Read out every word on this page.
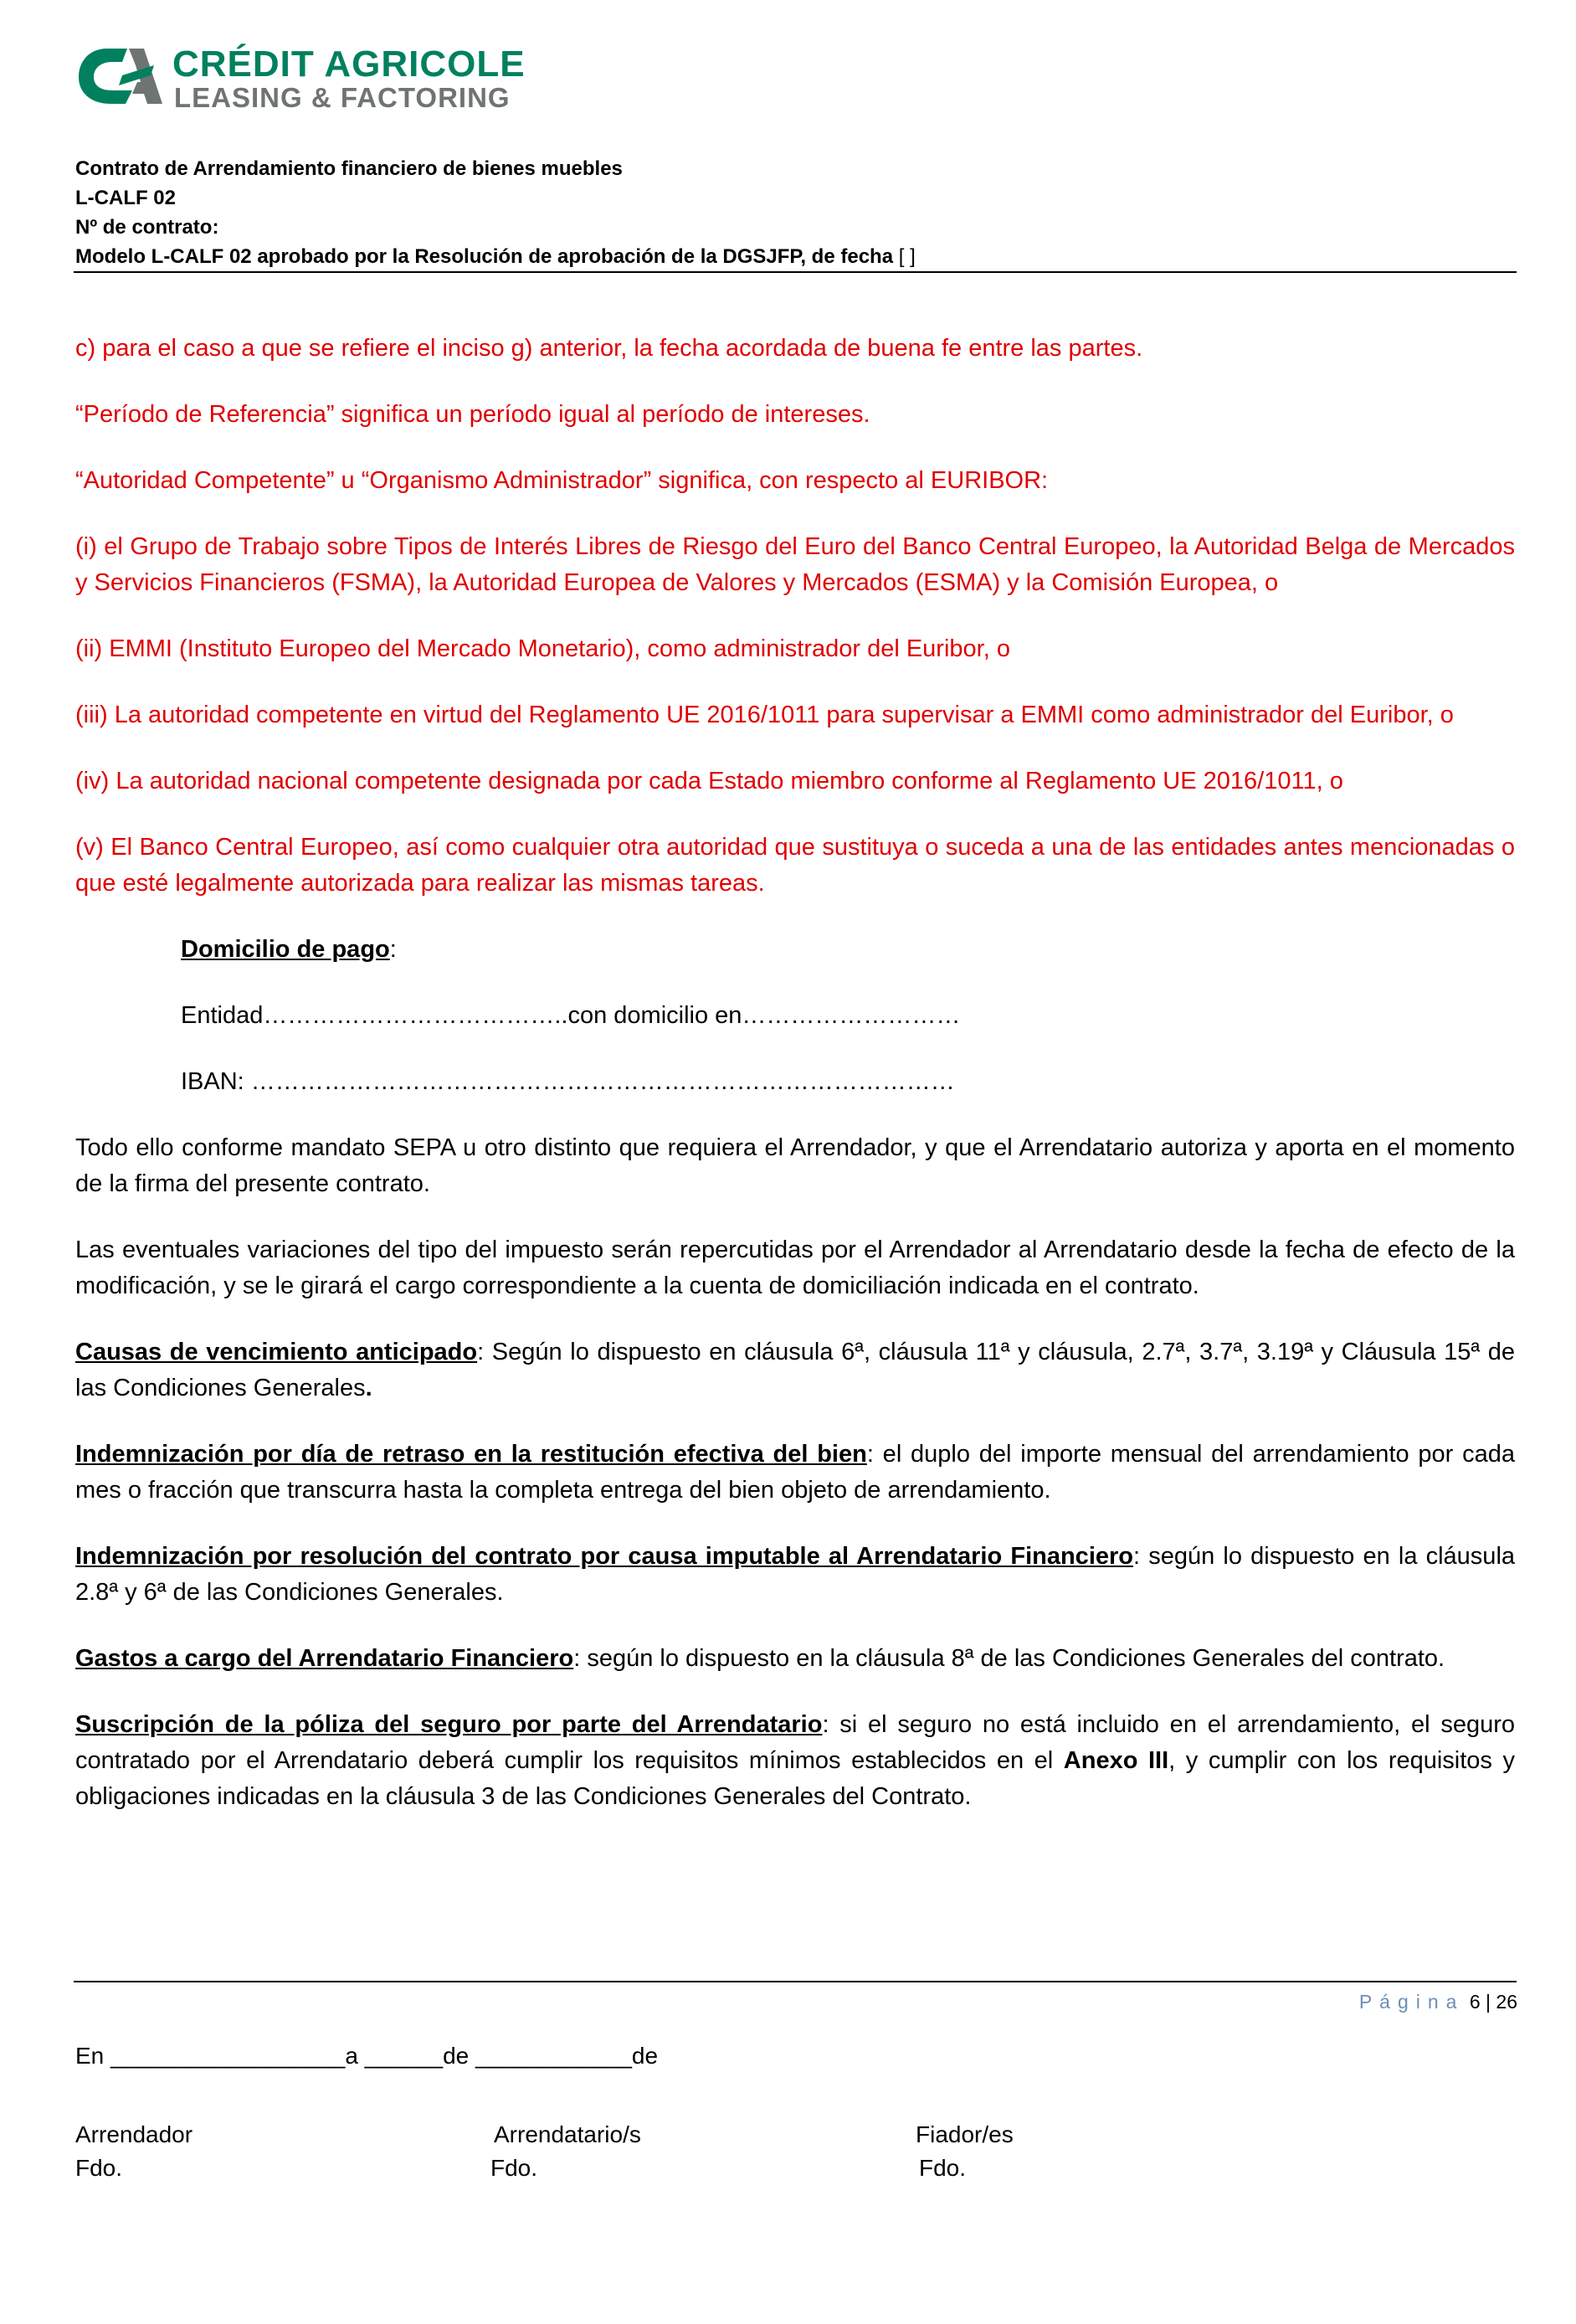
CRÉDIT AGRICOLE
LEASING & FACTORING
Contrato de Arrendamiento financiero de bienes muebles
L-CALF 02
Nº de contrato:
Modelo L-CALF 02 aprobado por la Resolución de aprobación de la DGSJFP, de fecha [ ]

c) para el caso a que se refiere el inciso g) anterior, la fecha acordada de buena fe entre las partes.

“Período de Referencia” significa un período igual al período de intereses.

“Autoridad Competente” u “Organismo Administrador” significa, con respecto al EURIBOR:

(i) el Grupo de Trabajo sobre Tipos de Interés Libres de Riesgo del Euro del Banco Central Europeo, la Autoridad Belga de Mercados y Servicios Financieros (FSMA), la Autoridad Europea de Valores y Mercados (ESMA) y la Comisión Europea, o

(ii) EMMI (Instituto Europeo del Mercado Monetario), como administrador del Euribor, o

(iii) La autoridad competente en virtud del Reglamento UE 2016/1011 para supervisar a EMMI como administrador del Euribor, o

(iv) La autoridad nacional competente designada por cada Estado miembro conforme al Reglamento UE 2016/1011, o

(v) El Banco Central Europeo, así como cualquier otra autoridad que sustituya o suceda a una de las entidades antes mencionadas o que esté legalmente autorizada para realizar las mismas tareas.

Domicilio de pago:

Entidad………………………………..con domicilio en………………………

IBAN: ……………………………………………………………………………

Todo ello conforme mandato SEPA u otro distinto que requiera el Arrendador, y que el Arrendatario autoriza y aporta en el momento de la firma del presente contrato.

Las eventuales variaciones del tipo del impuesto serán repercutidas por el Arrendador al Arrendatario desde la fecha de efecto de la modificación, y se le girará el cargo correspondiente a la cuenta de domiciliación indicada en el contrato.

Causas de vencimiento anticipado: Según lo dispuesto en cláusula 6ª, cláusula 11ª y cláusula, 2.7ª, 3.7ª, 3.19ª y Cláusula 15ª de las Condiciones Generales.

Indemnización por día de retraso en la restitución efectiva del bien: el duplo del importe mensual del arrendamiento por cada mes o fracción que transcurra hasta la completa entrega del bien objeto de arrendamiento.

Indemnización por resolución del contrato por causa imputable al Arrendatario Financiero: según lo dispuesto en la cláusula 2.8ª y 6ª de las Condiciones Generales.

Gastos a cargo del Arrendatario Financiero: según lo dispuesto en la cláusula 8ª de las Condiciones Generales del contrato.

Suscripción de la póliza del seguro por parte del Arrendatario: si el seguro no está incluido en el arrendamiento, el seguro contratado por el Arrendatario deberá cumplir los requisitos mínimos establecidos en el Anexo III, y cumplir con los requisitos y obligaciones indicadas en la cláusula 3 de las Condiciones Generales del Contrato.

Página 6 | 26
En __________________a ______de ____________de
Arrendador	Arrendatario/s	Fiador/es
Fdo.	Fdo.	Fdo.
